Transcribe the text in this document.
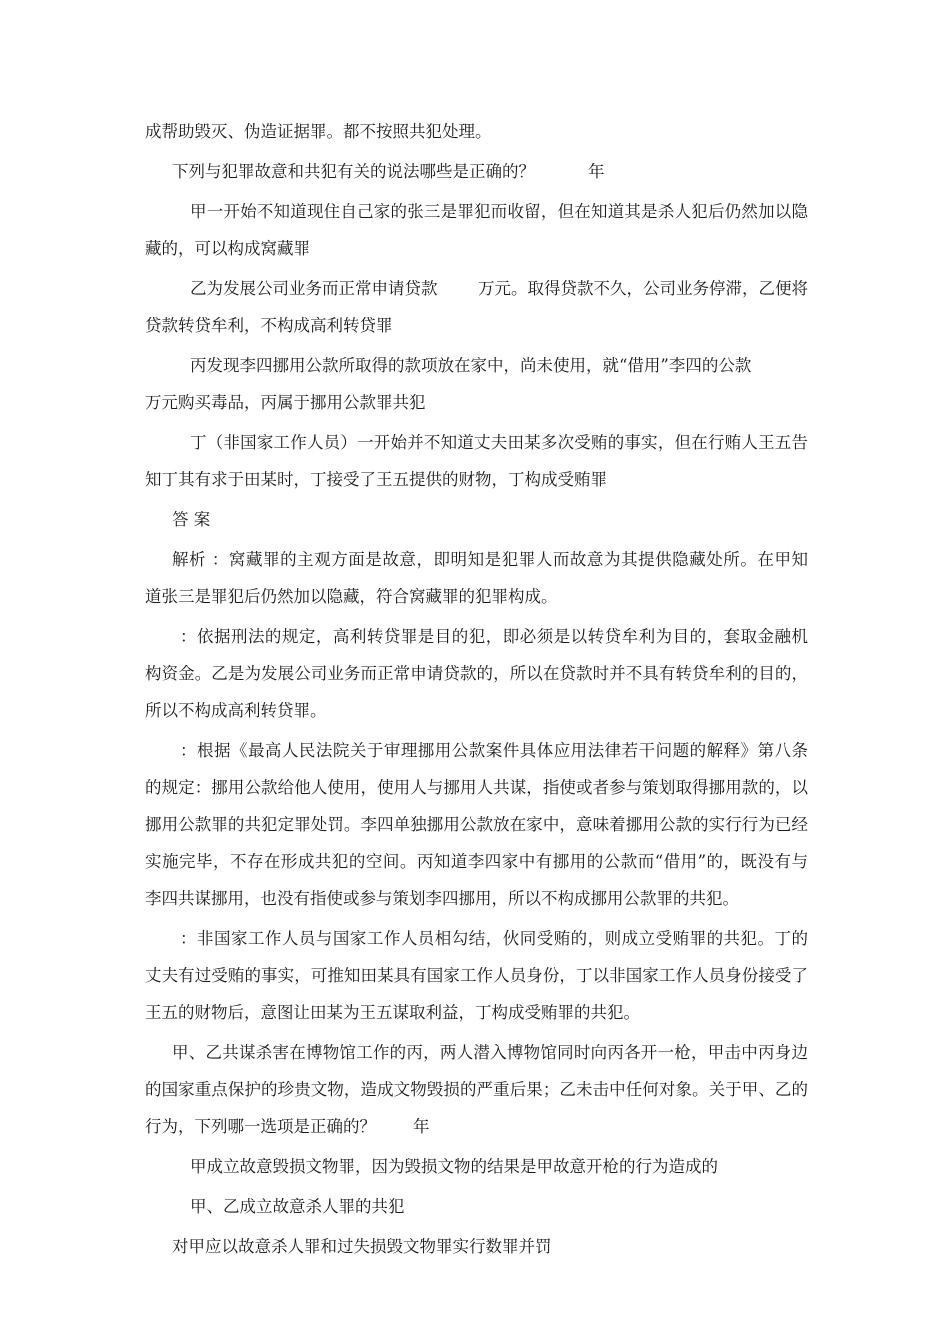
成帮助毁灭、伪造证据罪。都不按照共犯处理。
下列与犯罪故意和共犯有关的说法哪些是正确的？	年
甲一开始不知道现住自己家的张三是罪犯而收留，但在知道其是杀人犯后仍然加以隐
藏的，可以构成窝藏罪
乙为发展公司业务而正常申请贷款 万元。取得贷款不久，公司业务停滞，乙便将
贷款转贷牟利，不构成高利转贷罪
丙发现李四挪用公款所取得的款项放在家中，尚未使用，就“借用”李四的公款
万元购买毒品，丙属于挪用公款罪共犯
丁（非国家工作人员）一开始并不知道丈夫田某多次受贿的事实，但在行贿人王五告
知丁其有求于田某时，丁接受了王五提供的财物，丁构成受贿罪
答 案
解析 ：窝藏罪的主观方面是故意，即明知是犯罪人而故意为其提供隐藏处所。在甲知
道张三是罪犯后仍然加以隐藏，符合窝藏罪的犯罪构成。
：依据刑法的规定，高利转贷罪是目的犯，即必须是以转贷牟利为目的，套取金融机
构资金。乙是为发展公司业务而正常申请贷款的，所以在贷款时并不具有转贷牟利的目的，
所以不构成高利转贷罪。
：根据《最高人民法院关于审理挪用公款案件具体应用法律若干问题的解释》第八条
的规定：挪用公款给他人使用，使用人与挪用人共谋，指使或者参与策划取得挪用款的，以
挪用公款罪的共犯定罪处罚。李四单独挪用公款放在家中，意味着挪用公款的实行行为已经
实施完毕，不存在形成共犯的空间。丙知道李四家中有挪用的公款而“借用”的，既没有与
李四共谋挪用，也没有指使或参与策划李四挪用，所以不构成挪用公款罪的共犯。
：非国家工作人员与国家工作人员相勾结，伙同受贿的，则成立受贿罪的共犯。丁的
丈夫有过受贿的事实，可推知田某具有国家工作人员身份，丁以非国家工作人员身份接受了
王五的财物后，意图让田某为王五谋取利益，丁构成受贿罪的共犯。
甲、乙共谋杀害在博物馆工作的丙，两人潜入博物馆同时向丙各开一枪，甲击中丙身边
的国家重点保护的珍贵文物，造成文物毁损的严重后果；乙未击中任何对象。关于甲、乙的
行为，下列哪一选项是正确的？ 年
甲成立故意毁损文物罪，因为毁损文物的结果是甲故意开枪的行为造成的
甲、乙成立故意杀人罪的共犯
对甲应以故意杀人罪和过失损毁文物罪实行数罪并罚
